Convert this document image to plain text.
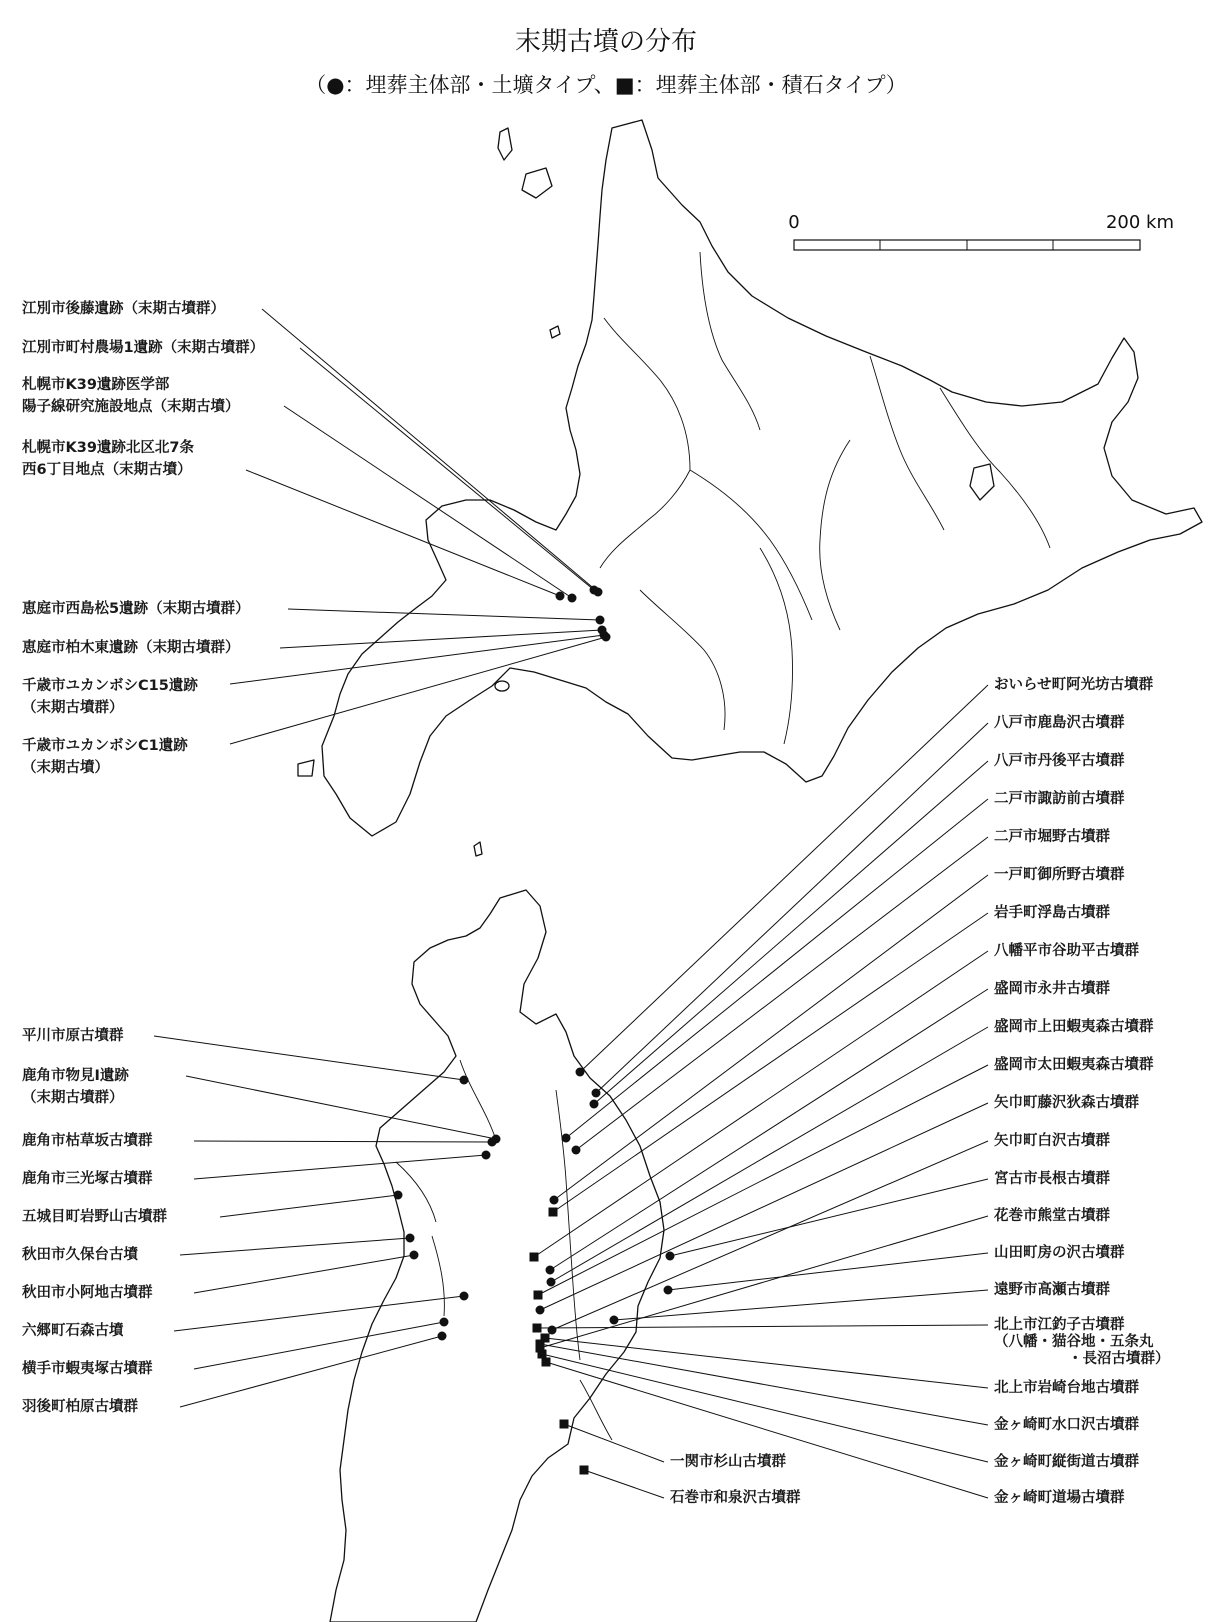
末期古墳の分布
（●：埋葬主体部・土壙タイプ、■：埋葬主体部・積石タイプ）
0	200 km
江別市後藤遺跡（末期古墳群）
江別市町村農場1遺跡（末期古墳群）
札幌市K39遺跡医学部 陽子線研究施設地点（末期古墳）
札幌市K39遺跡北区北7条 西6丁目地点（末期古墳）
恵庭市西島松5遺跡（末期古墳群）
恵庭市柏木東遺跡（末期古墳群）
千歳市ユカンボシC15遺跡 （末期古墳群）
千歳市ユカンボシC1遺跡 （末期古墳）
平川市原古墳群
鹿角市物見Ⅰ遺跡 （末期古墳群）
鹿角市枯草坂古墳群
鹿角市三光塚古墳群
五城目町岩野山古墳群
秋田市久保台古墳
秋田市小阿地古墳群
六郷町石森古墳
横手市蝦夷塚古墳群
羽後町柏原古墳群
おいらせ町阿光坊古墳群
八戸市鹿島沢古墳群
八戸市丹後平古墳群
二戸市諏訪前古墳群
二戸市堀野古墳群
一戸町御所野古墳群
岩手町浮島古墳群
八幡平市谷助平古墳群
盛岡市永井古墳群
盛岡市上田蝦夷森古墳群
盛岡市太田蝦夷森古墳群
矢巾町藤沢狄森古墳群
矢巾町白沢古墳群
宮古市長根古墳群
花巻市熊堂古墳群
山田町房の沢古墳群
遠野市高瀬古墳群
北上市江釣子古墳群 （八幡・猫谷地・五条丸 ・長沼古墳群）
北上市岩崎台地古墳群
金ヶ崎町水口沢古墳群
金ヶ崎町縦街道古墳群
金ヶ崎町道場古墳群
一関市杉山古墳群
石巻市和泉沢古墳群
